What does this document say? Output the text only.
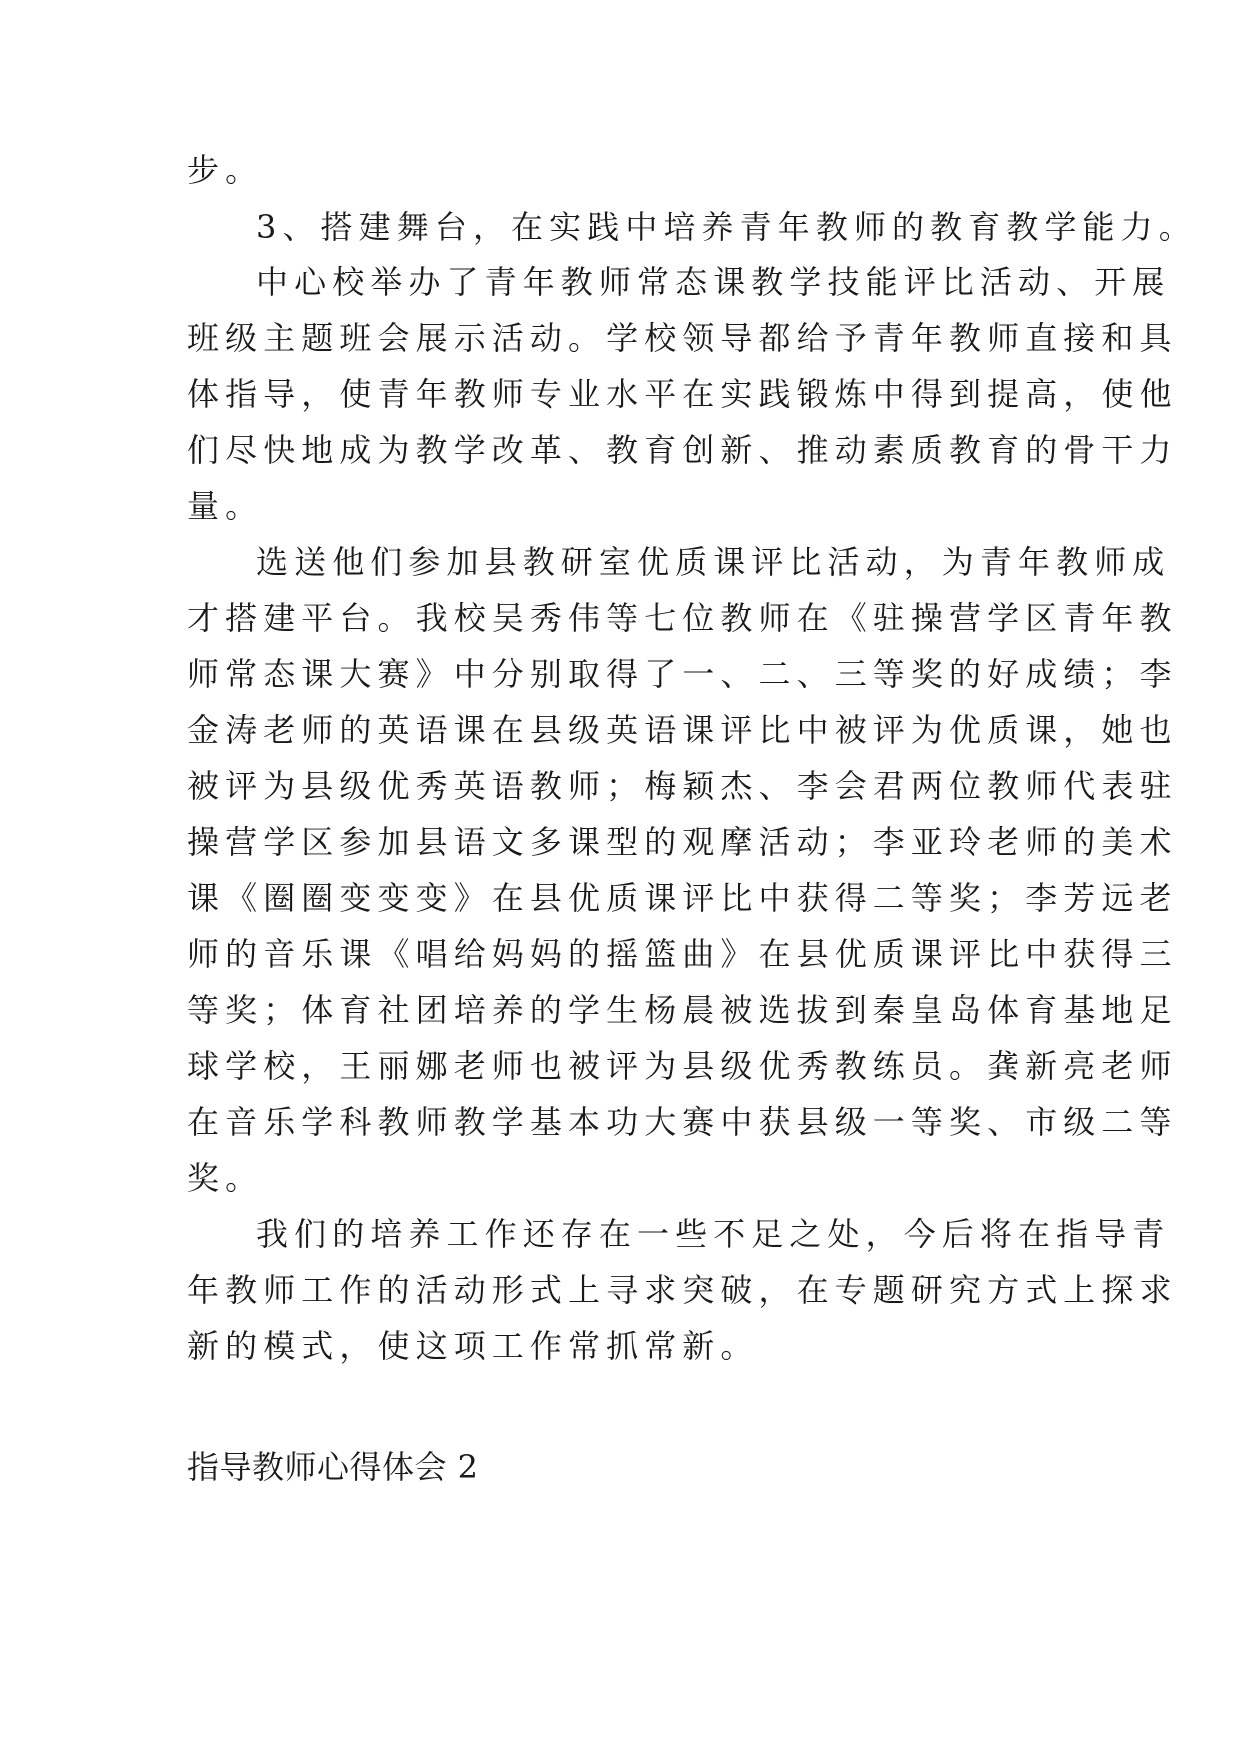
步。
3、搭建舞台，在实践中培养青年教师的教育教学能力。
中心校举办了青年教师常态课教学技能评比活动、开展
班级主题班会展示活动。学校领导都给予青年教师直接和具
体指导，使青年教师专业水平在实践锻炼中得到提高，使他
们尽快地成为教学改革、教育创新、推动素质教育的骨干力
量。
选送他们参加县教研室优质课评比活动，为青年教师成
才搭建平台。我校吴秀伟等七位教师在《驻操营学区青年教
师常态课大赛》中分别取得了一、二、三等奖的好成绩；李
金涛老师的英语课在县级英语课评比中被评为优质课，她也
被评为县级优秀英语教师；梅颖杰、李会君两位教师代表驻
操营学区参加县语文多课型的观摩活动；李亚玲老师的美术
课《圈圈变变变》在县优质课评比中获得二等奖；李芳远老
师的音乐课《唱给妈妈的摇篮曲》在县优质课评比中获得三
等奖；体育社团培养的学生杨晨被选拔到秦皇岛体育基地足
球学校，王丽娜老师也被评为县级优秀教练员。龚新亮老师
在音乐学科教师教学基本功大赛中获县级一等奖、市级二等
奖。
我们的培养工作还存在一些不足之处，今后将在指导青
年教师工作的活动形式上寻求突破，在专题研究方式上探求
新的模式，使这项工作常抓常新。
指导教师心得体会 2
